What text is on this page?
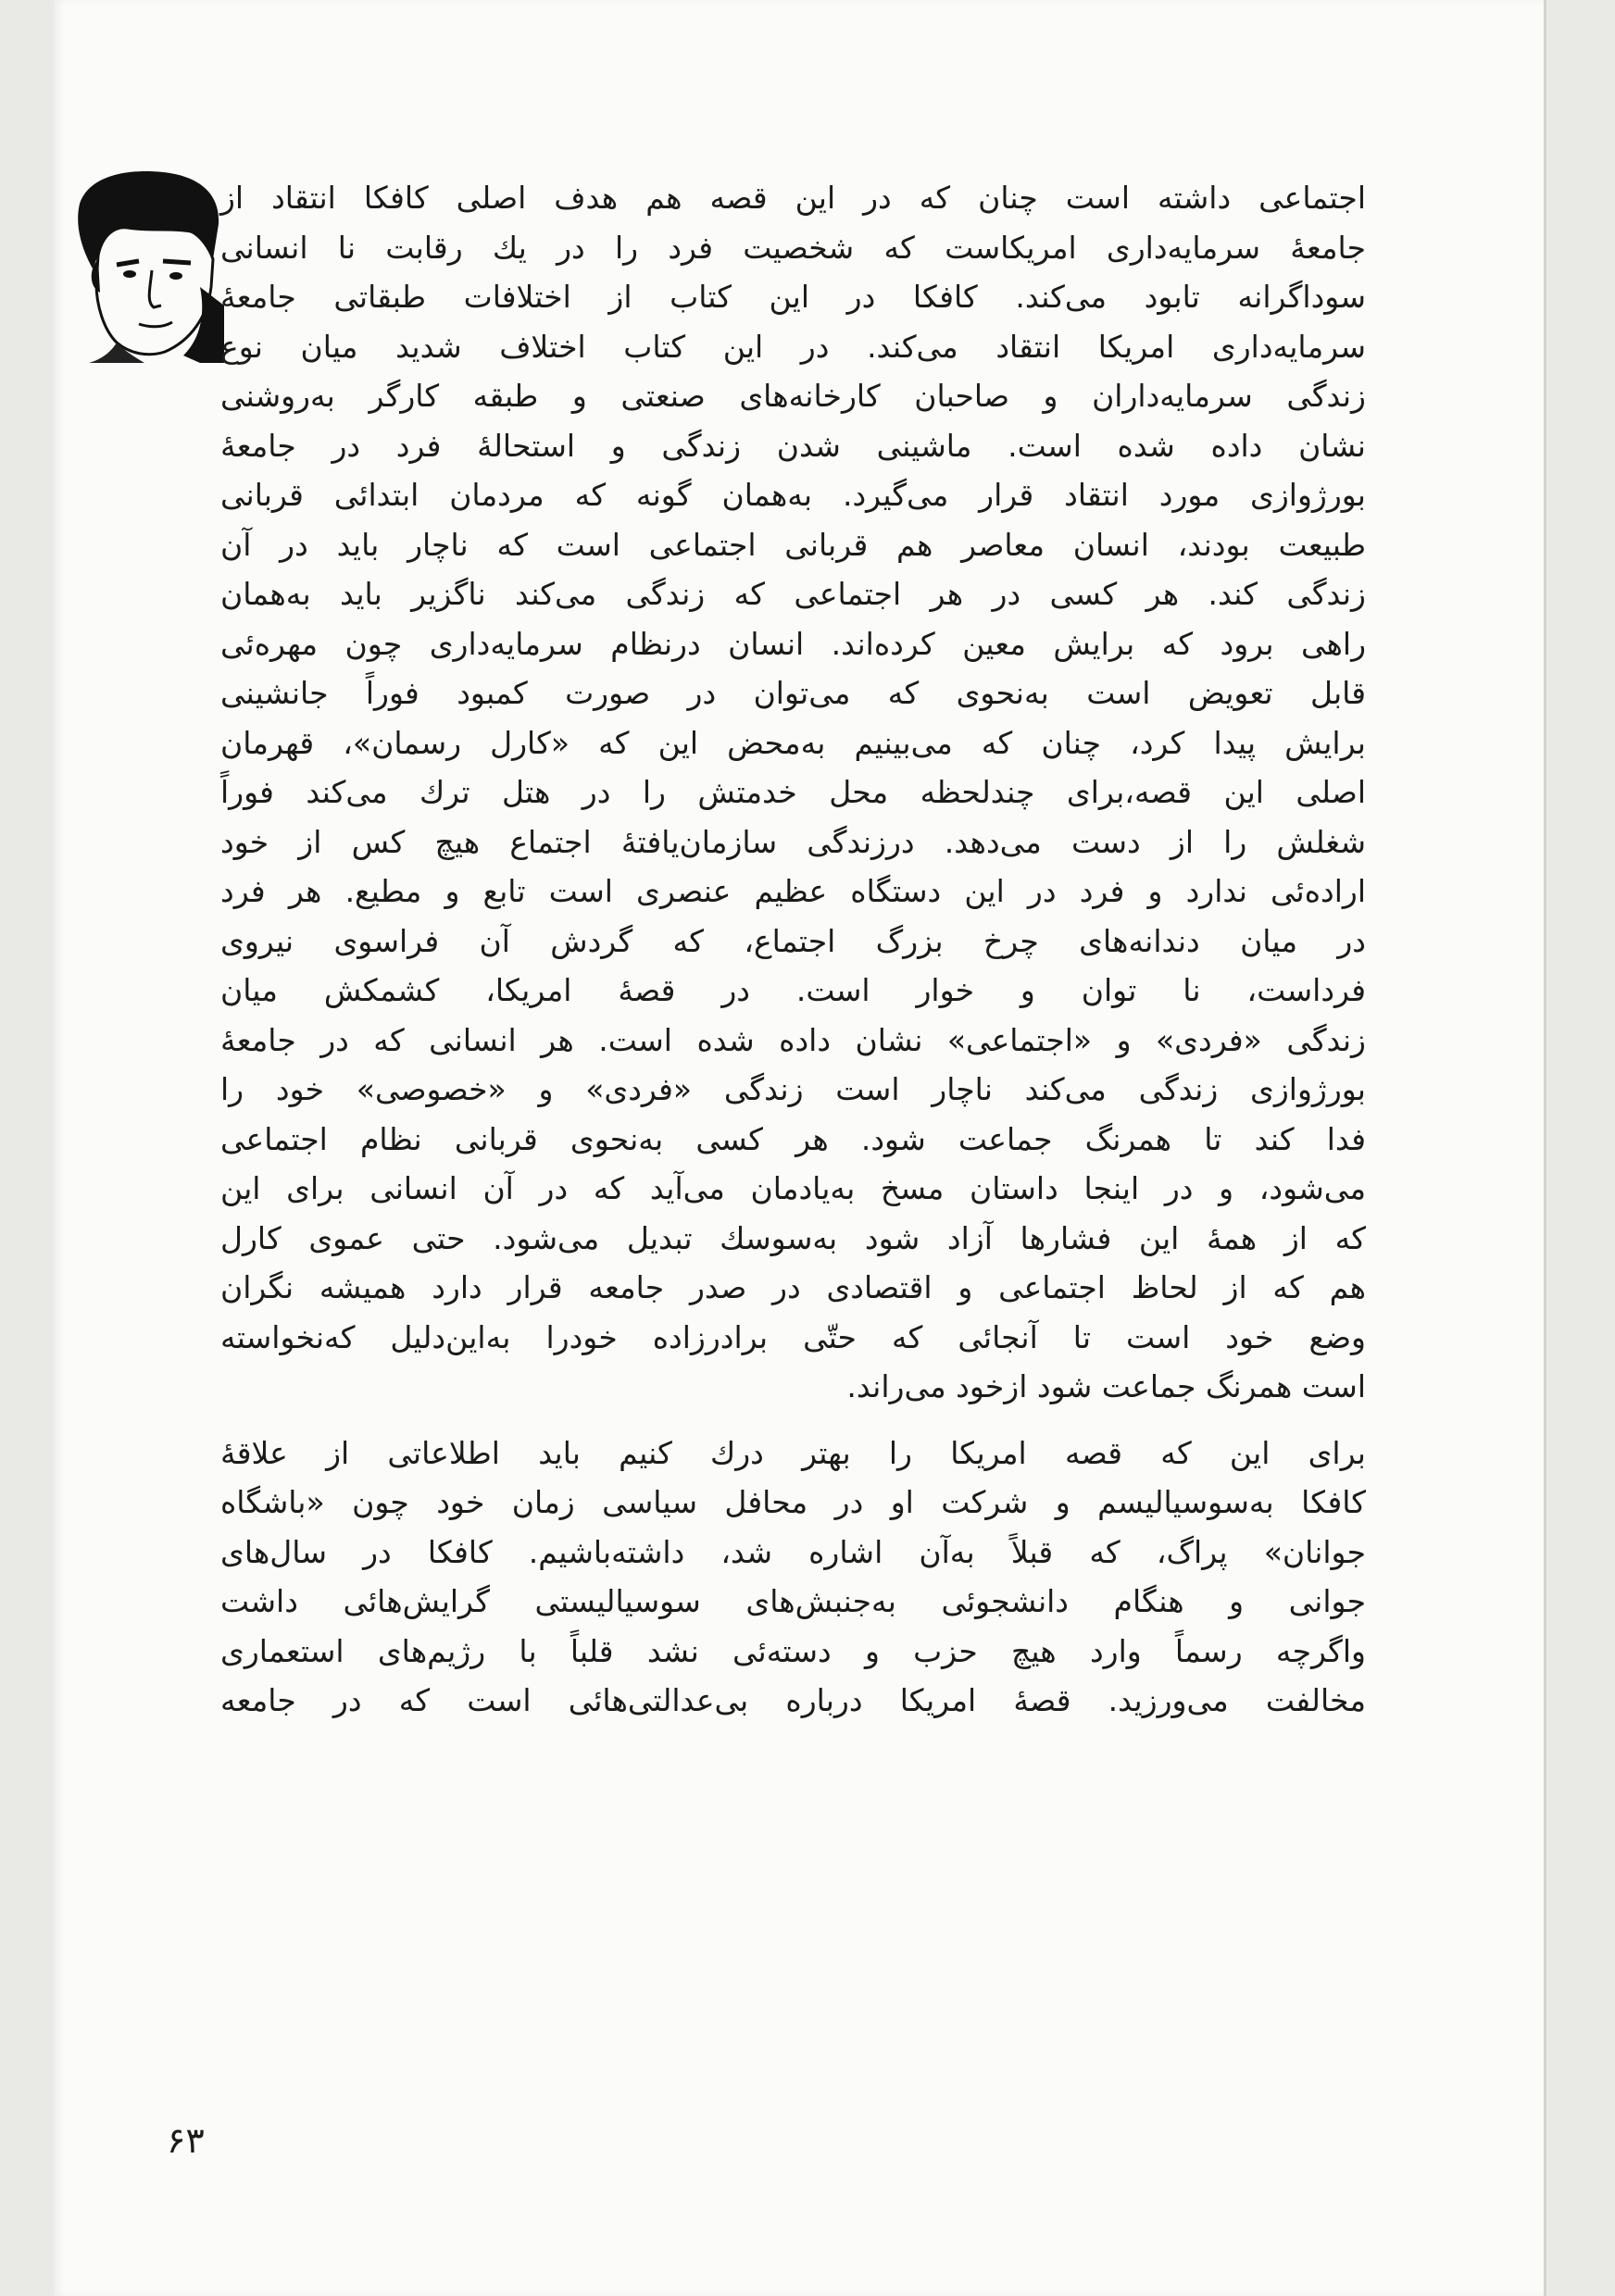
اجتماعی داشته است چنان که در این قصه هم هدف اصلی کافکا انتقاد از
جامعهٔ سرمایه‌داری امریکاست که شخصیت فرد را در یك رقابت نا انسانی
سوداگرانه تابود می‌کند. کافکا در این کتاب از اختلافات طبقاتی جامعهٔ
سرمایه‌داری امریکا انتقاد می‌کند. در این کتاب اختلاف شدید میان نوع
زندگی سرمایه‌داران و صاحبان کارخانه‌های صنعتی و طبقه کارگر به‌روشنی
نشان داده شده است. ماشینی شدن زندگی و استحالهٔ فرد در جامعهٔ
بورژوازی مورد انتقاد قرار می‌گیرد. به‌همان گونه که مردمان ابتدائی قربانی
طبیعت بودند، انسان معاصر هم قربانی اجتماعی است که ناچار باید در آن
زندگی کند. هر کسی در هر اجتماعی که زندگی می‌کند ناگزیر باید به‌همان
راهی برود که برایش معین کرده‌اند. انسان درنظام سرمایه‌داری چون مهره‌ئی
قابل تعویض است به‌نحوی که می‌توان در صورت کمبود فوراً جانشینی
برایش پیدا کرد، چنان که می‌بینیم به‌محض این که «کارل رسمان»، قهرمان
اصلی این قصه،برای چندلحظه محل خدمتش را در هتل ترك می‌کند فوراً
شغلش را از دست می‌دهد. درزندگی سازمان‌یافتهٔ اجتماع هیچ کس از خود
اراده‌ئی ندارد و فرد در این دستگاه عظیم عنصری است تابع و مطیع. هر فرد
در میان دندانه‌های چرخ بزرگ اجتماع، که گردش آن فراسوی نیروی
فرداست، نا توان و خوار است. در قصهٔ امریکا، کشمکش میان
زندگی «فردی» و «اجتماعی» نشان داده شده است. هر انسانی که در جامعهٔ
بورژوازی زندگی می‌کند ناچار است زندگی «فردی» و «خصوصی» خود را
فدا کند تا همرنگ جماعت شود. هر کسی به‌نحوی قربانی نظام اجتماعی
می‌شود، و در اینجا داستان مسخ به‌یادمان می‌آید که در آن انسانی برای این
که از همهٔ این فشارها آزاد شود به‌سوسك تبدیل می‌شود. حتی عموی کارل
هم که از لحاظ اجتماعی و اقتصادی در صدر جامعه قرار دارد همیشه نگران
وضع خود است تا آنجائی که حتّی برادرزاده خودرا به‌این‌دلیل که‌نخواسته
است همرنگ جماعت شود ازخود می‌راند.
برای این که قصه امریکا را بهتر درك کنیم باید اطلاعاتی از علاقهٔ
کافکا به‌سوسیالیسم و شرکت او در محافل سیاسی زمان خود چون «باشگاه
جوانان» پراگ، که قبلاً به‌آن اشاره شد، داشته‌باشیم. کافکا در سال‌های
جوانی و هنگام دانشجوئی به‌جنبش‌های سوسیالیستی گرایش‌هائی داشت
واگرچه رسماً وارد هیچ حزب و دسته‌ئی نشد قلباً با رژیم‌های استعماری
مخالفت می‌ورزید. قصهٔ امریکا درباره بی‌عدالتی‌هائی است که در جامعه
۶۳
